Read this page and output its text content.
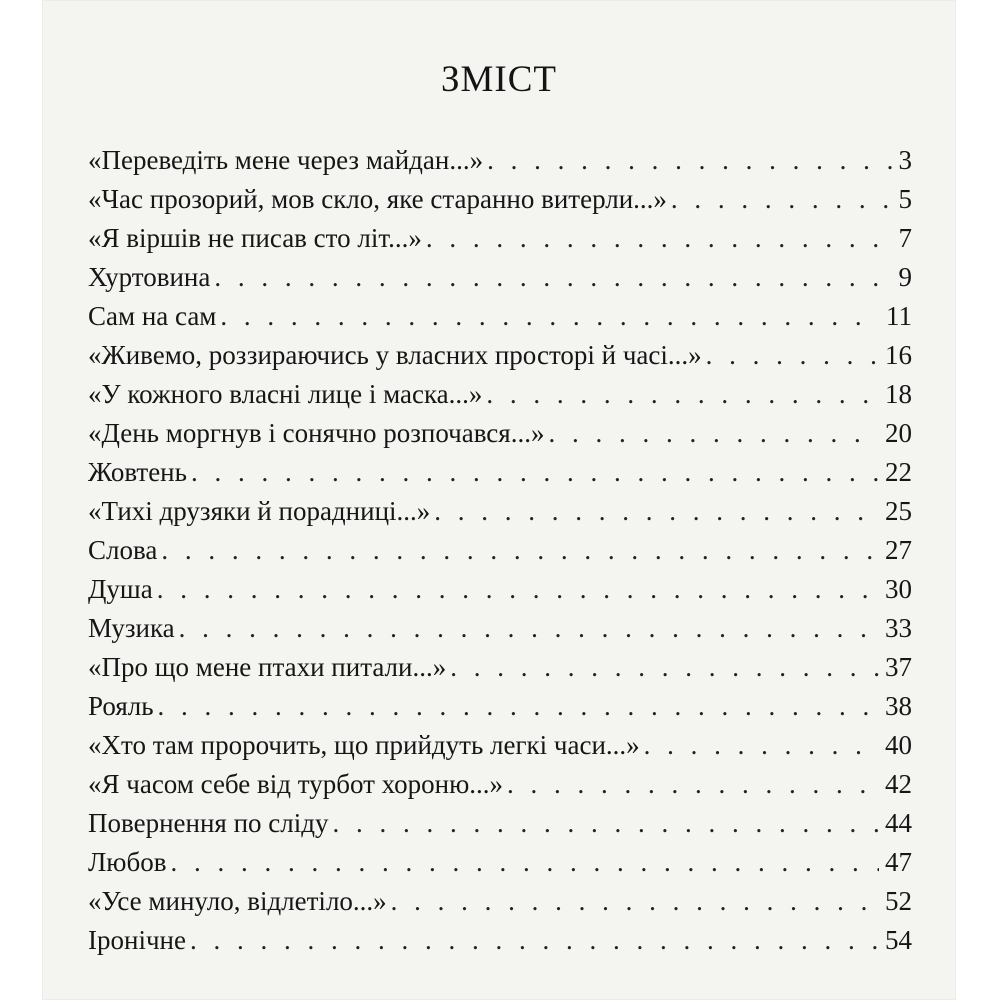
ЗМІСТ
«Переведіть мене через майдан...» . . .	3
«Час прозорий, мов скло, яке старанно витерли...» . . .	5
«Я віршів не писав сто літ...» . . .	7
Хуртовина . . .	9
Сам на сам . . .	11
«Живемо, роззираючись у власних просторі й часі...» . . .	16
«У кожного власні лице і маска...» . . .	18
«День моргнув і сонячно розпочався...» . . .	20
Жовтень . . .	22
«Тихі друзяки й порадниці...» . . .	25
Слова . . .	27
Душа . . .	30
Музика . . .	33
«Про що мене птахи питали...» . . .	37
Рояль . . .	38
«Хто там пророчить, що прийдуть легкі часи...» . . .	40
«Я часом себе від турбот хороню...» . . .	42
Повернення по сліду . . .	44
Любов . . .	47
«Усе минуло, відлетіло...» . . .	52
Іронічне . . .	54
